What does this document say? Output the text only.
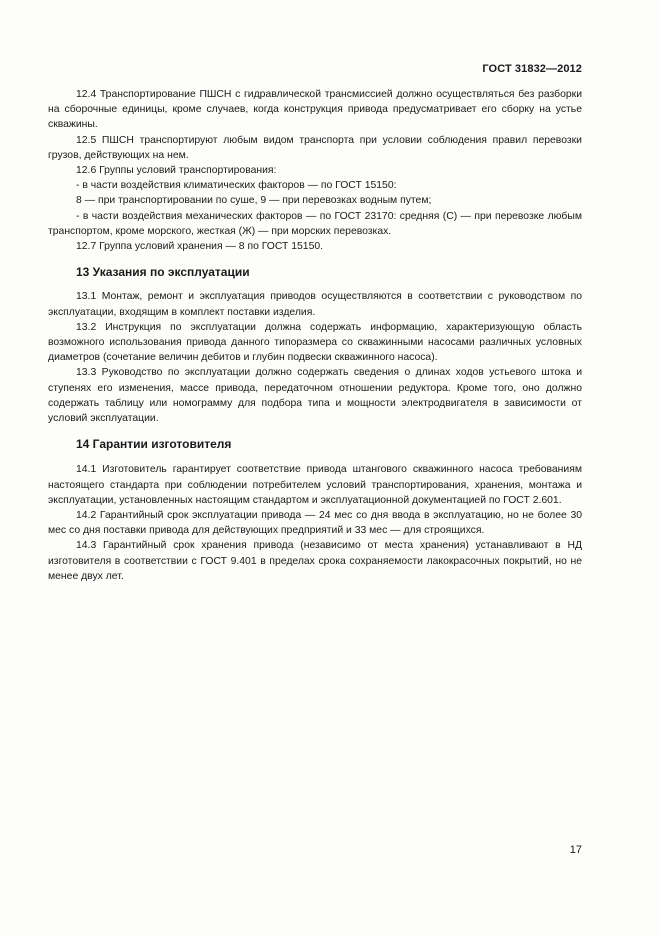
ГОСТ 31832—2012

12.4 Транспортирование ПШСН с гидравлической трансмиссией должно осуществляться без разборки на сборочные единицы, кроме случаев, когда конструкция привода предусматривает его сборку на устье скважины.

12.5 ПШСН транспортируют любым видом транспорта при условии соблюдения правил перевозки грузов, действующих на нем.

12.6 Группы условий транспортирования:

- в части воздействия климатических факторов — по ГОСТ 15150:

8 — при транспортировании по суше, 9 — при перевозках водным путем;

- в части воздействия механических факторов — по ГОСТ 23170: средняя (С) — при перевозке любым транспортом, кроме морского, жесткая (Ж) — при морских перевозках.

12.7 Группа условий хранения — 8 по ГОСТ 15150.

13 Указания по эксплуатации

13.1 Монтаж, ремонт и эксплуатация приводов осуществляются в соответствии с руководством по эксплуатации, входящим в комплект поставки изделия.

13.2 Инструкция по эксплуатации должна содержать информацию, характеризующую область возможного использования привода данного типоразмера со скважинными насосами различных условных диаметров (сочетание величин дебитов и глубин подвески скважинного насоса).

13.3 Руководство по эксплуатации должно содержать сведения о длинах ходов устьевого штока и ступенях его изменения, массе привода, передаточном отношении редуктора. Кроме того, оно должно содержать таблицу или номограмму для подбора типа и мощности электродвигателя в зависимости от условий эксплуатации.

14 Гарантии изготовителя

14.1 Изготовитель гарантирует соответствие привода штангового скважинного насоса требованиям настоящего стандарта при соблюдении потребителем условий транспортирования, хранения, монтажа и эксплуатации, установленных настоящим стандартом и эксплуатационной документацией по ГОСТ 2.601.

14.2 Гарантийный срок эксплуатации привода — 24 мес со дня ввода в эксплуатацию, но не более 30 мес со дня поставки привода для действующих предприятий и 33 мес — для строящихся.

14.3 Гарантийный срок хранения привода (независимо от места хранения) устанавливают в НД изготовителя в соответствии с ГОСТ 9.401 в пределах срока сохраняемости лакокрасочных покрытий, но не менее двух лет.

17
